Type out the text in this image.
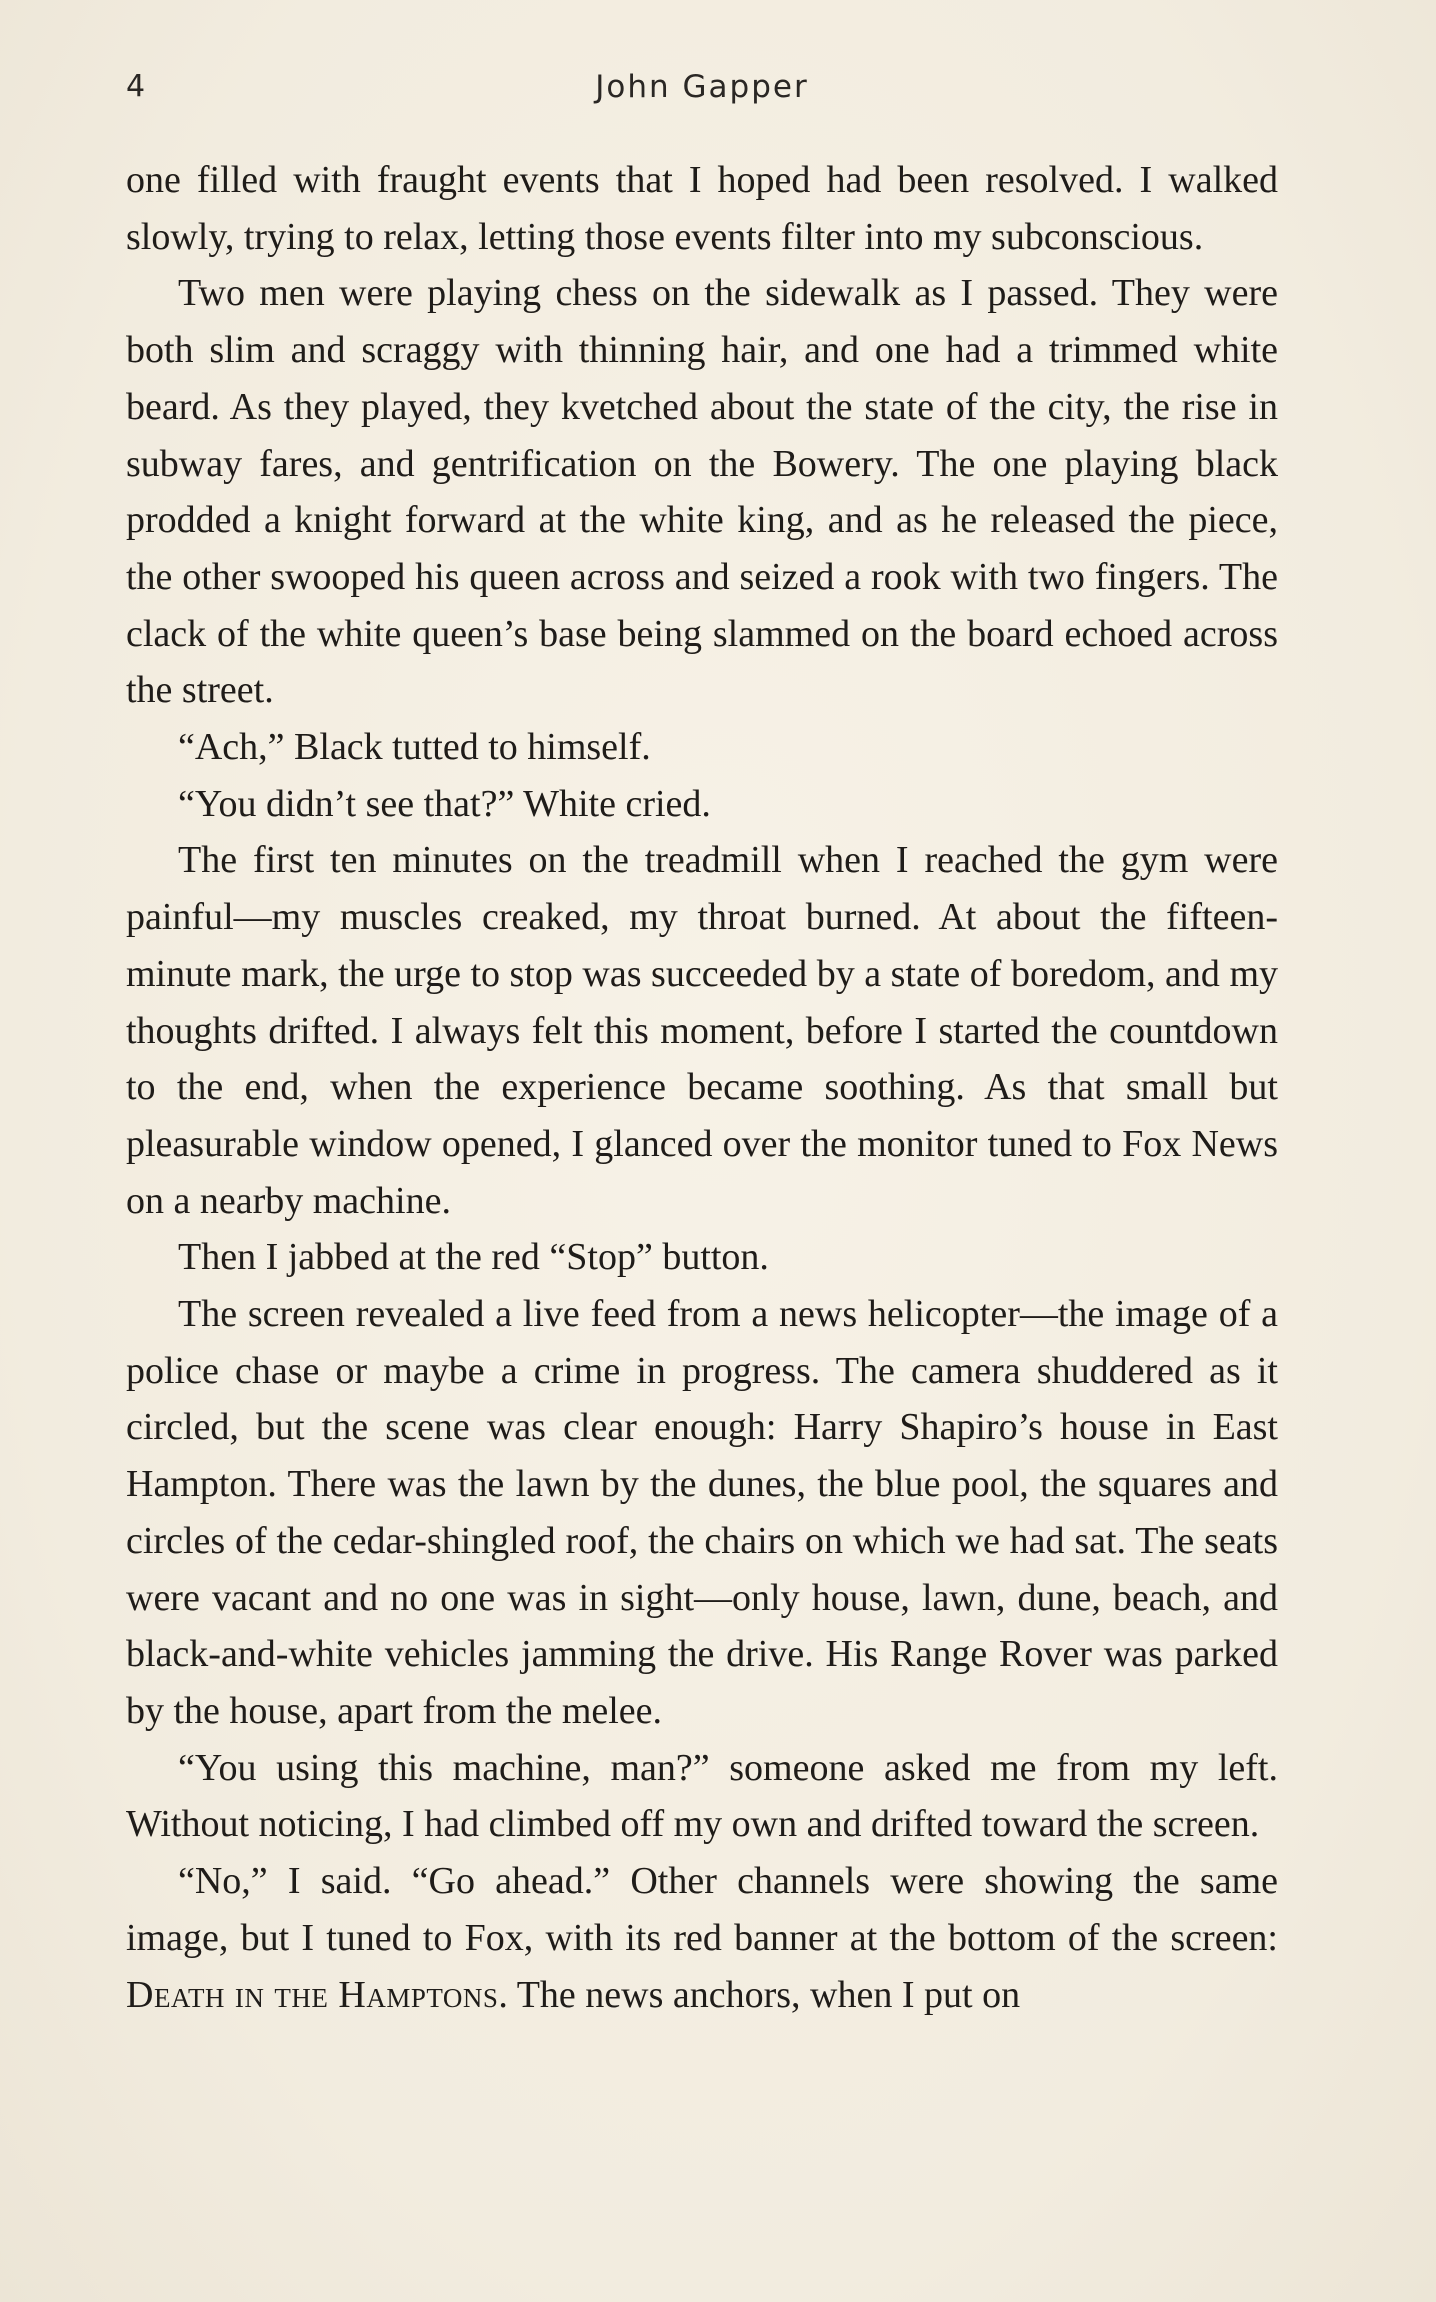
4	John Gapper

one filled with fraught events that I hoped had been resolved. I walked slowly, trying to relax, letting those events filter into my subconscious.

Two men were playing chess on the sidewalk as I passed. They were both slim and scraggy with thinning hair, and one had a trimmed white beard. As they played, they kvetched about the state of the city, the rise in subway fares, and gentrification on the Bowery. The one playing black prodded a knight forward at the white king, and as he released the piece, the other swooped his queen across and seized a rook with two fingers. The clack of the white queen’s base being slammed on the board echoed across the street.

“Ach,” Black tutted to himself.

“You didn’t see that?” White cried.

The first ten minutes on the treadmill when I reached the gym were painful—my muscles creaked, my throat burned. At about the fifteen-minute mark, the urge to stop was succeeded by a state of boredom, and my thoughts drifted. I always felt this moment, before I started the countdown to the end, when the experience became soothing. As that small but pleasurable window opened, I glanced over the monitor tuned to Fox News on a nearby machine.

Then I jabbed at the red “Stop” button.

The screen revealed a live feed from a news helicopter—the image of a police chase or maybe a crime in progress. The camera shuddered as it circled, but the scene was clear enough: Harry Shapiro’s house in East Hampton. There was the lawn by the dunes, the blue pool, the squares and circles of the cedar-shingled roof, the chairs on which we had sat. The seats were vacant and no one was in sight—only house, lawn, dune, beach, and black-and-white vehicles jamming the drive. His Range Rover was parked by the house, apart from the melee.

“You using this machine, man?” someone asked me from my left. Without noticing, I had climbed off my own and drifted toward the screen.

“No,” I said. “Go ahead.” Other channels were showing the same image, but I tuned to Fox, with its red banner at the bottom of the screen: Death in the Hamptons. The news anchors, when I put on
